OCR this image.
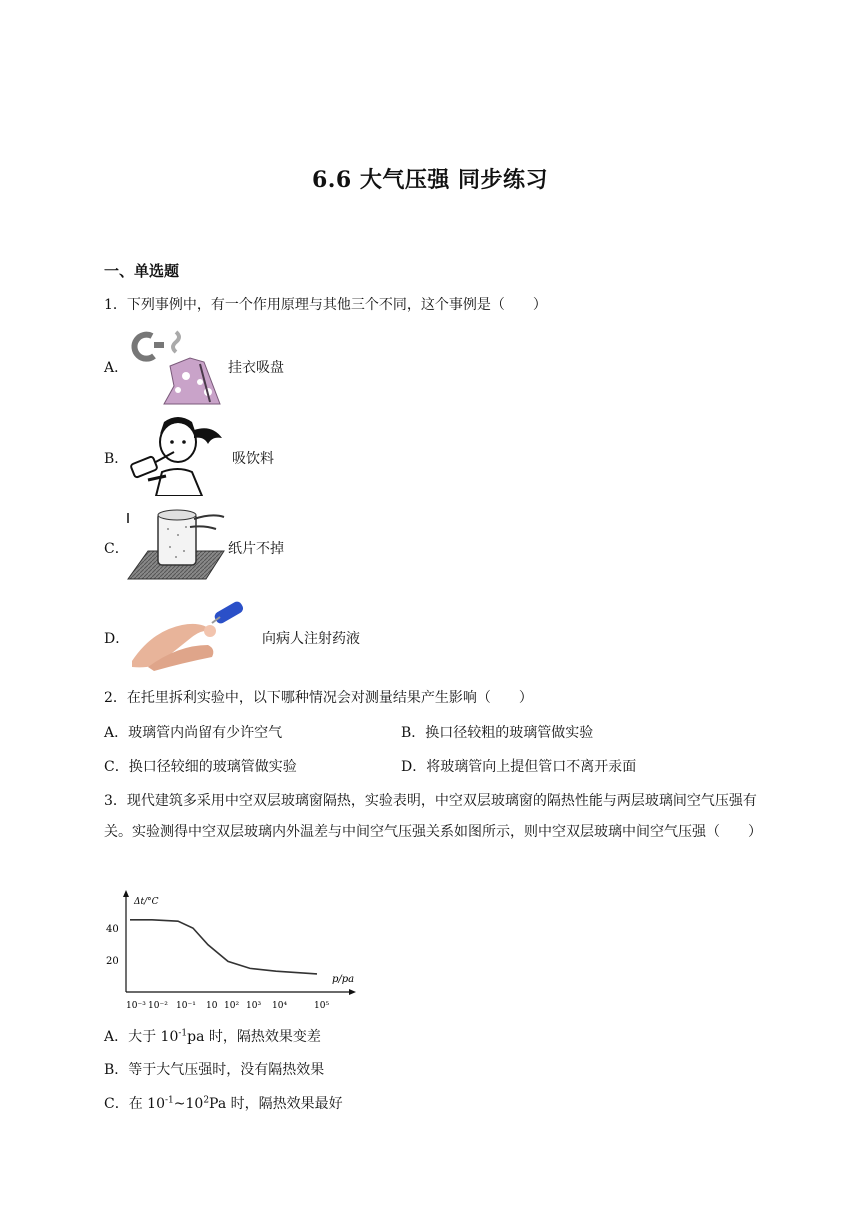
6.6 大气压强 同步练习
一、单选题
1．下列事例中，有一个作用原理与其他三个不同，这个事例是（　　）
A．	挂衣吸盘
B．	吸饮料
C．	纸片不掉
D．	向病人注射药液
2．在托里拆利实验中，以下哪种情况会对测量结果产生影响（　　）
A．玻璃管内尚留有少许空气	B．换口径较粗的玻璃管做实验
C．换口径较细的玻璃管做实验	D．将玻璃管向上提但管口不离开汞面
3．现代建筑多采用中空双层玻璃窗隔热，实验表明，中空双层玻璃窗的隔热性能与两层玻璃间空气压强有关。实验测得中空双层玻璃内外温差与中间空气压强关系如图所示，则中空双层玻璃中间空气压强（　　）
Δt/°C
p/pa
40
20
10⁻³ 10⁻² 10⁻¹ 10 10² 10³ 10⁴	10⁵
A．大于 $10^{-1}pa$ 时，隔热效果变差
B．等于大气压强时，没有隔热效果
C．在 $10^{-1}\sim 10^2Pa$ 时，隔热效果最好
